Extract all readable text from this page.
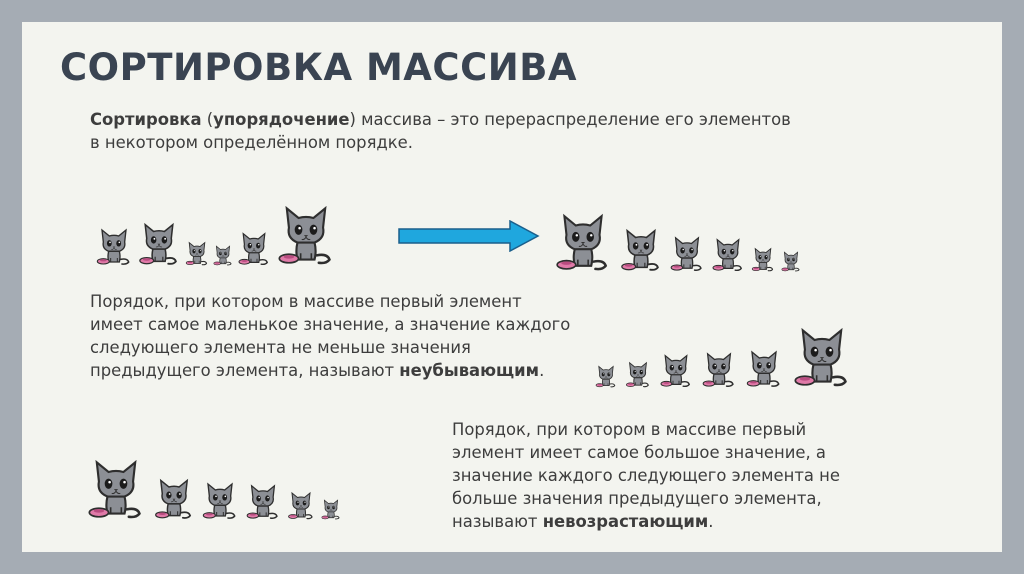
СОРТИРОВКА МАССИВА

Сортировка (упорядочение) массива – это перераспределение его элементов
в некотором определённом порядке.

Порядок, при котором в массиве первый элемент
имеет самое маленькое значение, а значение каждого
следующего элемента не меньше значения
предыдущего элемента, называют неубывающим.

Порядок, при котором в массиве первый
элемент имеет самое большое значение, а
значение каждого следующего элемента не
больше значения предыдущего элемента,
называют невозрастающим.
